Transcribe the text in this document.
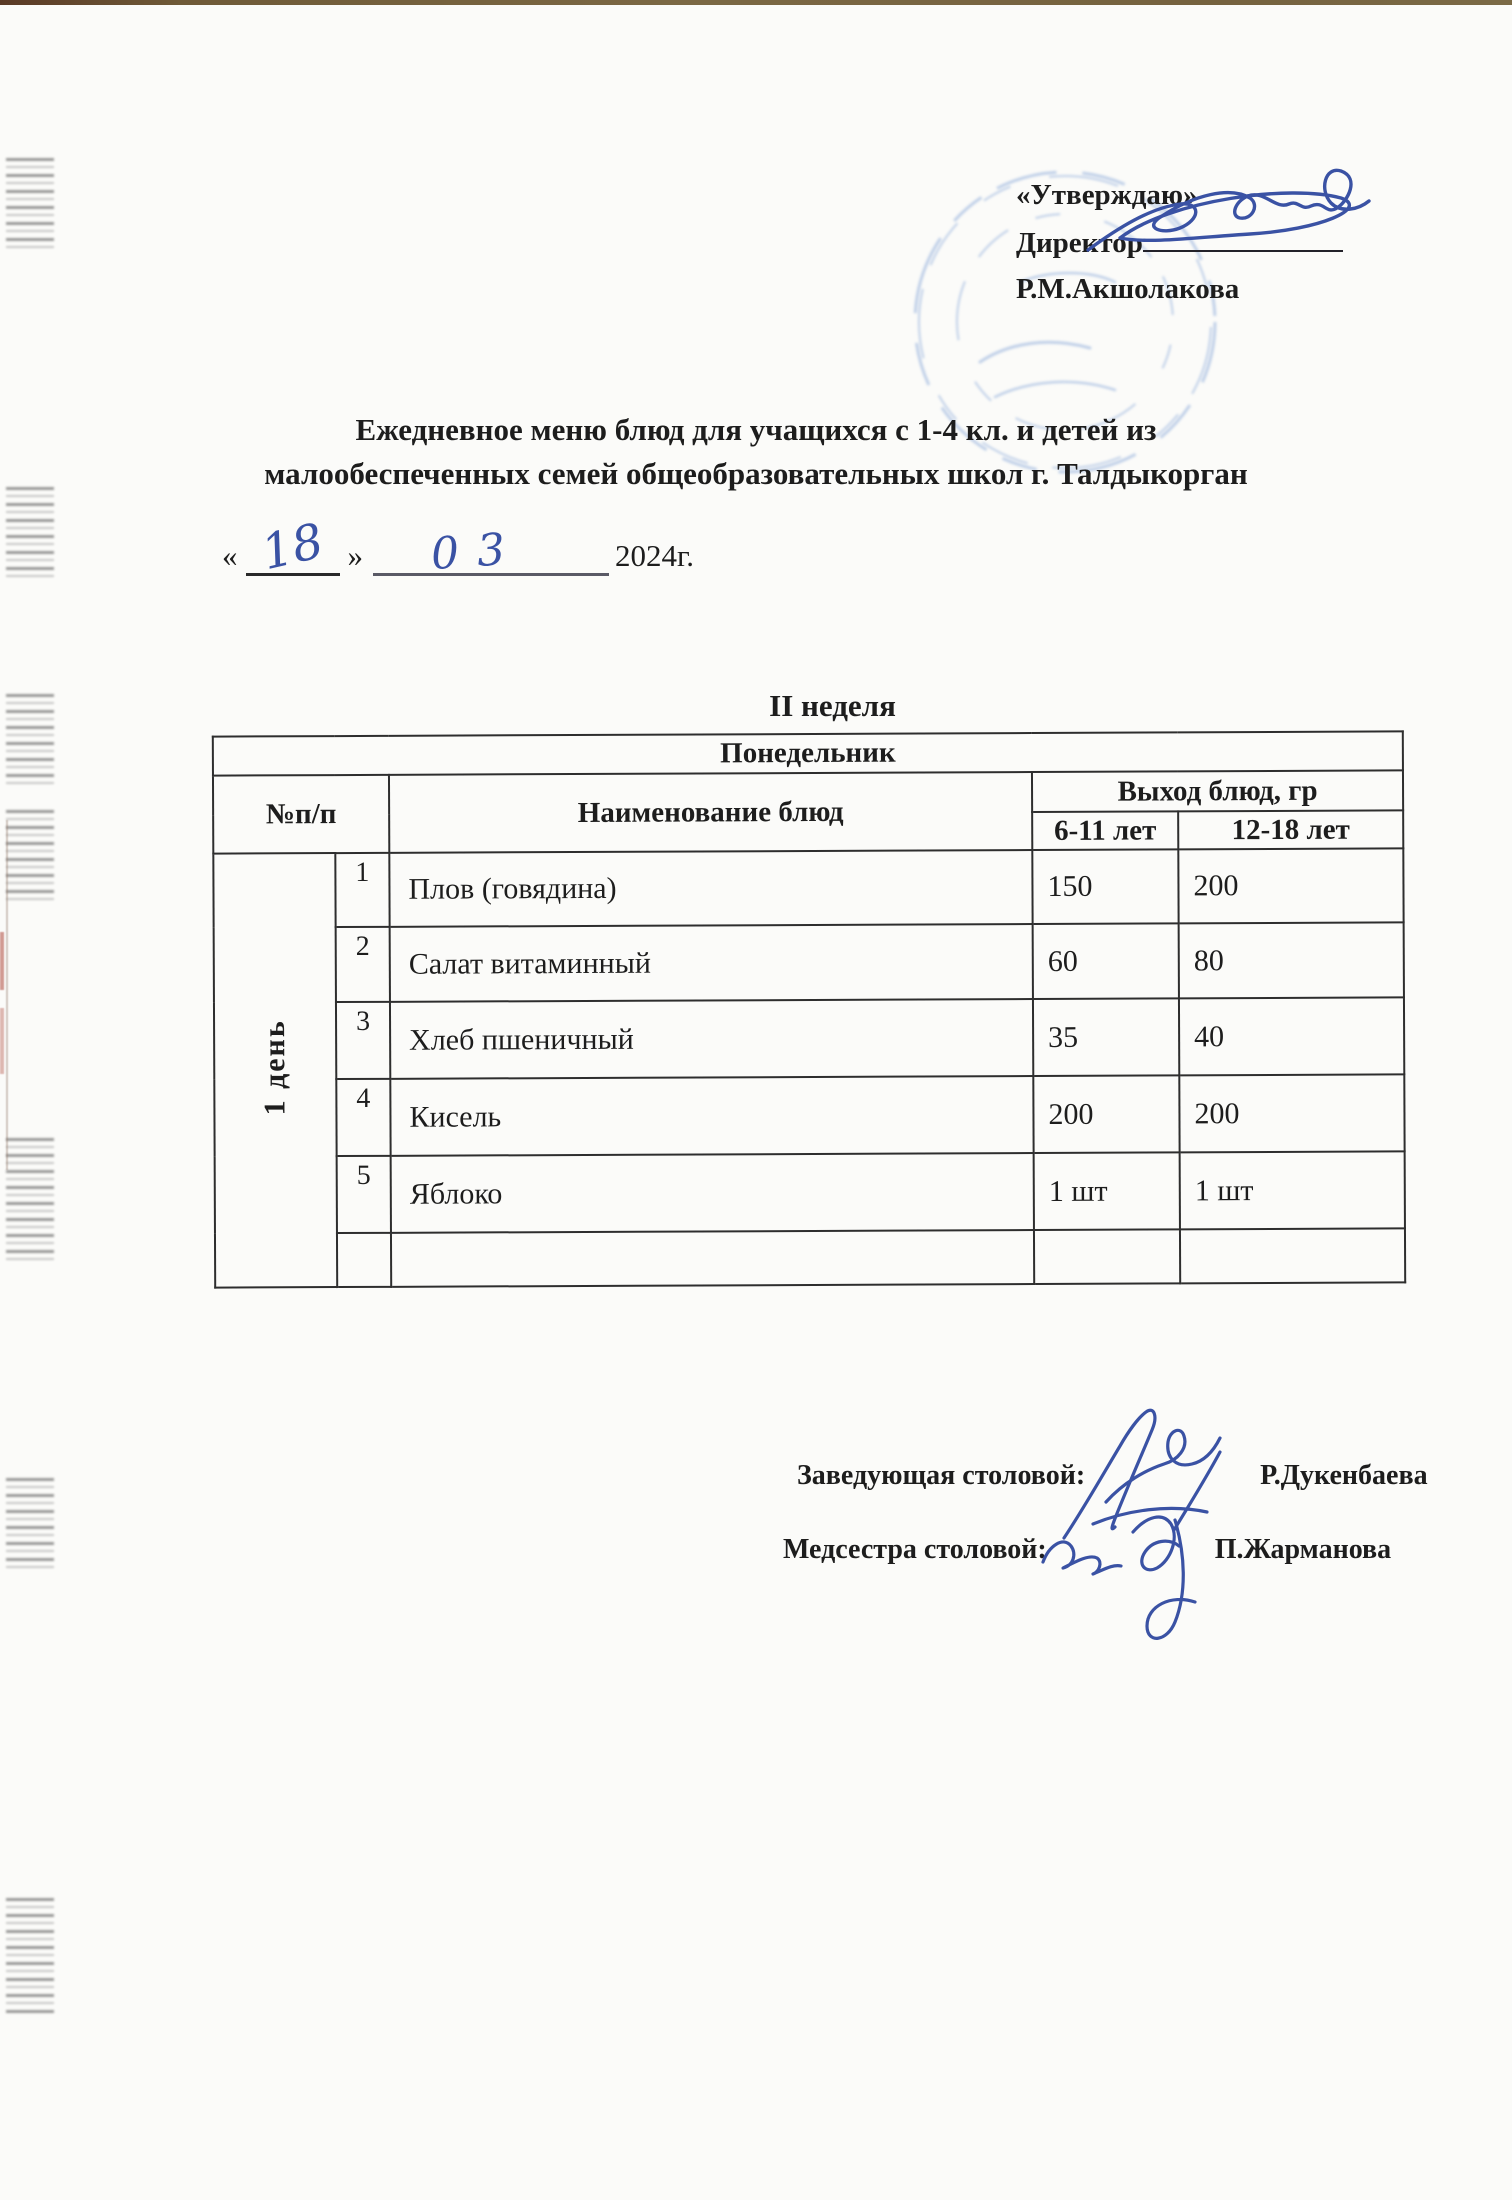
«Утверждаю»
Директор
Р.М.Акшолакова
Ежедневное меню блюд для учащихся с 1-4 кл. и детей из
малообеспеченных семей общеобразовательных школ г. Талдыкорган
« 18 » 03	2024г.
II неделя
Понедельник				
№п/п		Наименование блюд	Выход блюд, гр	
			6-11 лет	12-18 лет
1 день	1	Плов (говядина)	150	200
	2	Салат витаминный	60	80
	3	Хлеб пшеничный	35	40
	4	Кисель	200	200
	5	Яблоко	1 шт	1 шт

Заведующая столовой:	Р.Дукенбаева
Медсестра столовой:	П.Жарманова
